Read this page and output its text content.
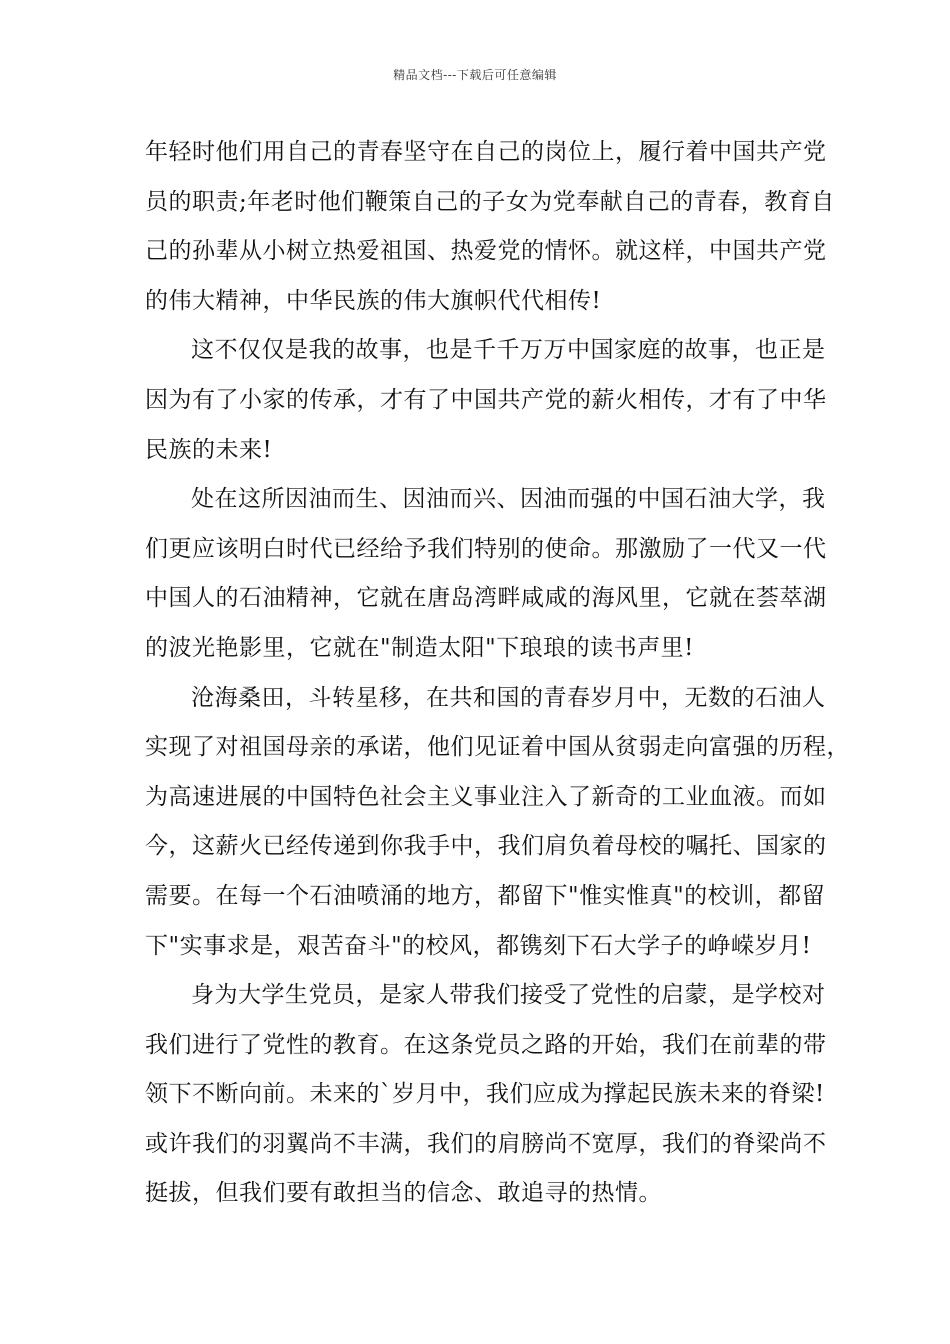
精品文档---下载后可任意编辑
年轻时他们用自己的青春坚守在自己的岗位上，履行着中国共产党
员的职责;年老时他们鞭策自己的子女为党奉献自己的青春，教育自
己的孙辈从小树立热爱祖国、热爱党的情怀。就这样，中国共产党
的伟大精神，中华民族的伟大旗帜代代相传!
这不仅仅是我的故事，也是千千万万中国家庭的故事，也正是
因为有了小家的传承，才有了中国共产党的薪火相传，才有了中华
民族的未来!
处在这所因油而生、因油而兴、因油而强的中国石油大学，我
们更应该明白时代已经给予我们特别的使命。那激励了一代又一代
中国人的石油精神，它就在唐岛湾畔咸咸的海风里，它就在荟萃湖
的波光艳影里，它就在"制造太阳"下琅琅的读书声里!
沧海桑田，斗转星移，在共和国的青春岁月中，无数的石油人
实现了对祖国母亲的承诺，他们见证着中国从贫弱走向富强的历程，
为高速进展的中国特色社会主义事业注入了新奇的工业血液。而如
今，这薪火已经传递到你我手中，我们肩负着母校的嘱托、国家的
需要。在每一个石油喷涌的地方，都留下"惟实惟真"的校训，都留
下"实事求是，艰苦奋斗"的校风，都镌刻下石大学子的峥嵘岁月!
身为大学生党员，是家人带我们接受了党性的启蒙，是学校对
我们进行了党性的教育。在这条党员之路的开始，我们在前辈的带
领下不断向前。未来的`岁月中，我们应成为撑起民族未来的脊梁!
或许我们的羽翼尚不丰满，我们的肩膀尚不宽厚，我们的脊梁尚不
挺拔，但我们要有敢担当的信念、敢追寻的热情。
